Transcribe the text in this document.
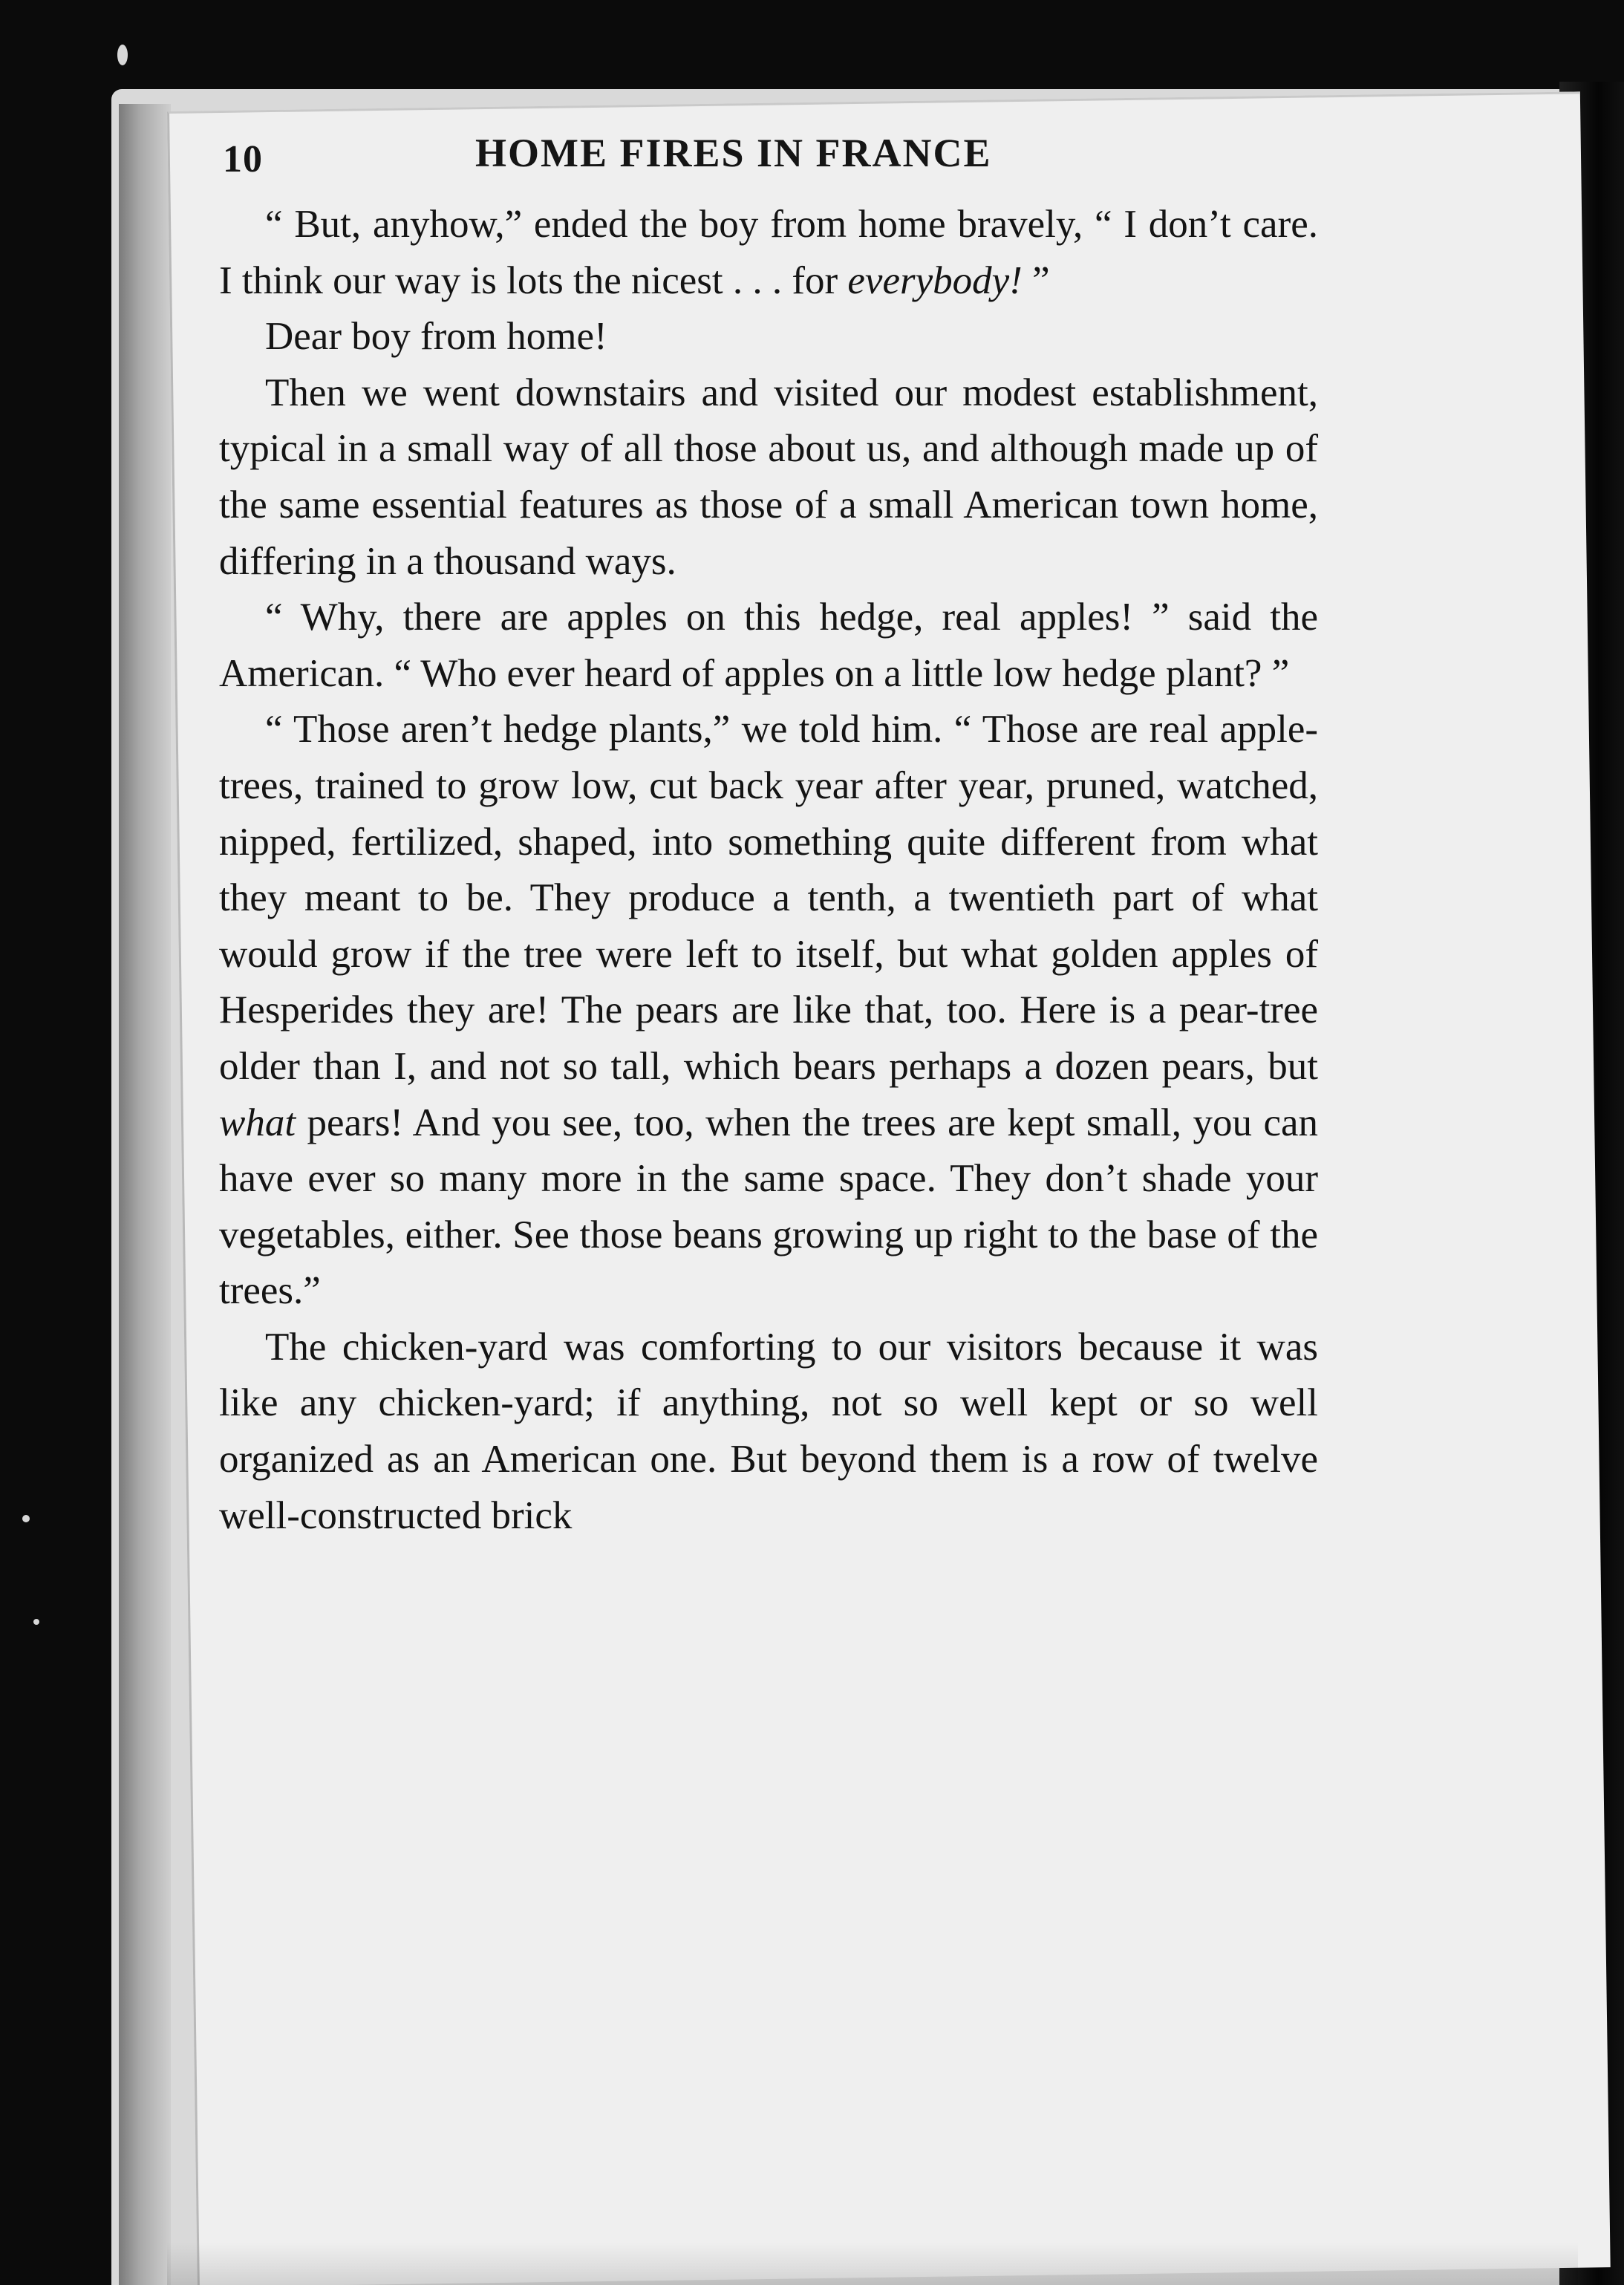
10	HOME FIRES IN FRANCE

“ But, anyhow,” ended the boy from home bravely, “ I don’t care. I think our way is lots the nicest . . . for everybody! ”

Dear boy from home!

Then we went downstairs and visited our modest establishment, typical in a small way of all those about us, and although made up of the same essential features as those of a small American town home, differing in a thousand ways.

“ Why, there are apples on this hedge, real apples! ” said the American. “ Who ever heard of apples on a little low hedge plant? ”

“ Those aren’t hedge plants,” we told him. “ Those are real apple-trees, trained to grow low, cut back year after year, pruned, watched, nipped, fertilized, shaped, into something quite different from what they meant to be. They produce a tenth, a twentieth part of what would grow if the tree were left to itself, but what golden apples of Hesperides they are! The pears are like that, too. Here is a pear-tree older than I, and not so tall, which bears perhaps a dozen pears, but what pears! And you see, too, when the trees are kept small, you can have ever so many more in the same space. They don’t shade your vegetables, either. See those beans growing up right to the base of the trees.”

The chicken-yard was comforting to our visitors because it was like any chicken-yard; if anything, not so well kept or so well organized as an American one. But beyond them is a row of twelve well-constructed brick
